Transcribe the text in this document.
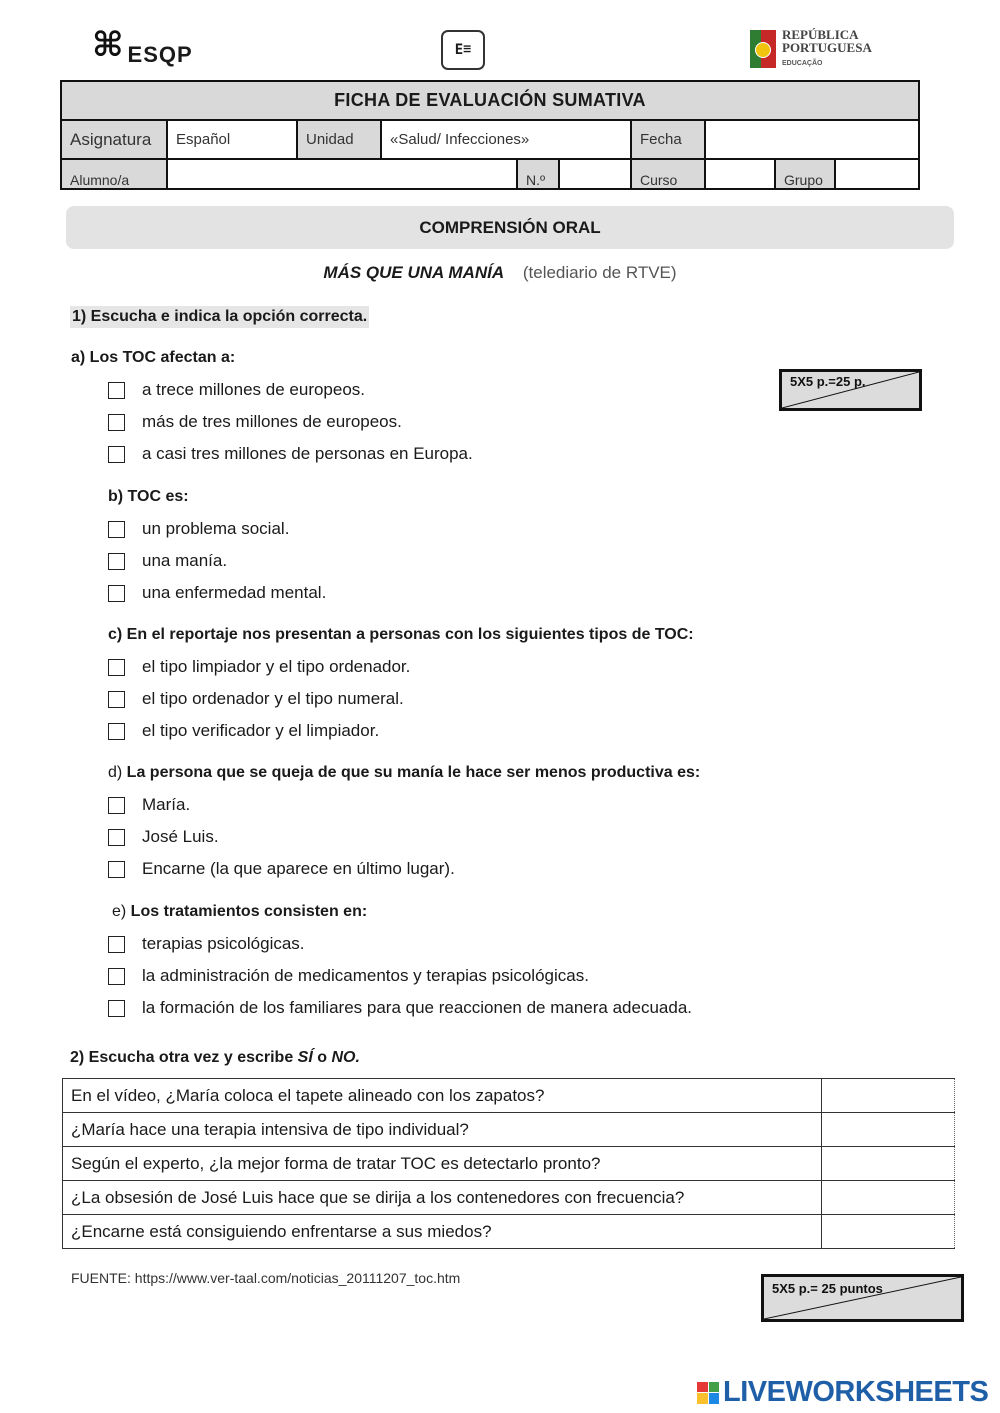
⌘ ESQP	E ☰
REPÚBLICA
PORTUGUESA
EDUCAÇÃO
FICHA DE EVALUACIÓN SUMATIVA
Asignatura	Español	Unidad	«Salud/ Infecciones»	Fecha
Alumno/a	N.º	Curso	Grupo
COMPRENSIÓN ORAL
MÁS QUE UNA MANÍA (telediario de RTVE)
1) Escucha e indica la opción correcta.
5X5 p.=25 p.
a) Los TOC afectan a:
a trece millones de europeos.
más de tres millones de europeos.
a casi tres millones de personas en Europa.
b) TOC es:
un problema social.
una manía.
una enfermedad mental.
c) En el reportaje nos presentan a personas con los siguientes tipos de TOC:
el tipo limpiador y el tipo ordenador.
el tipo ordenador y el tipo numeral.
el tipo verificador y el limpiador.
d) La persona que se queja de que su manía le hace ser menos productiva es:
María.
José Luis.
Encarne (la que aparece en último lugar).
e) Los tratamientos consisten en:
terapias psicológicas.
la administración de medicamentos y terapias psicológicas.
la formación de los familiares para que reaccionen de manera adecuada.
2) Escucha otra vez y escribe SÍ o NO.
En el vídeo, ¿María coloca el tapete alineado con los zapatos?	
¿María hace una terapia intensiva de tipo individual?	
Según el experto, ¿la mejor forma de tratar TOC es detectarlo pronto?	
¿La obsesión de José Luis hace que se dirija a los contenedores con frecuencia?	
¿Encarne está consiguiendo enfrentarse a sus miedos?	
FUENTE: https://www.ver-taal.com/noticias_20111207_toc.htm
5X5 p.= 25 puntos
LIVEWORKSHEETS
